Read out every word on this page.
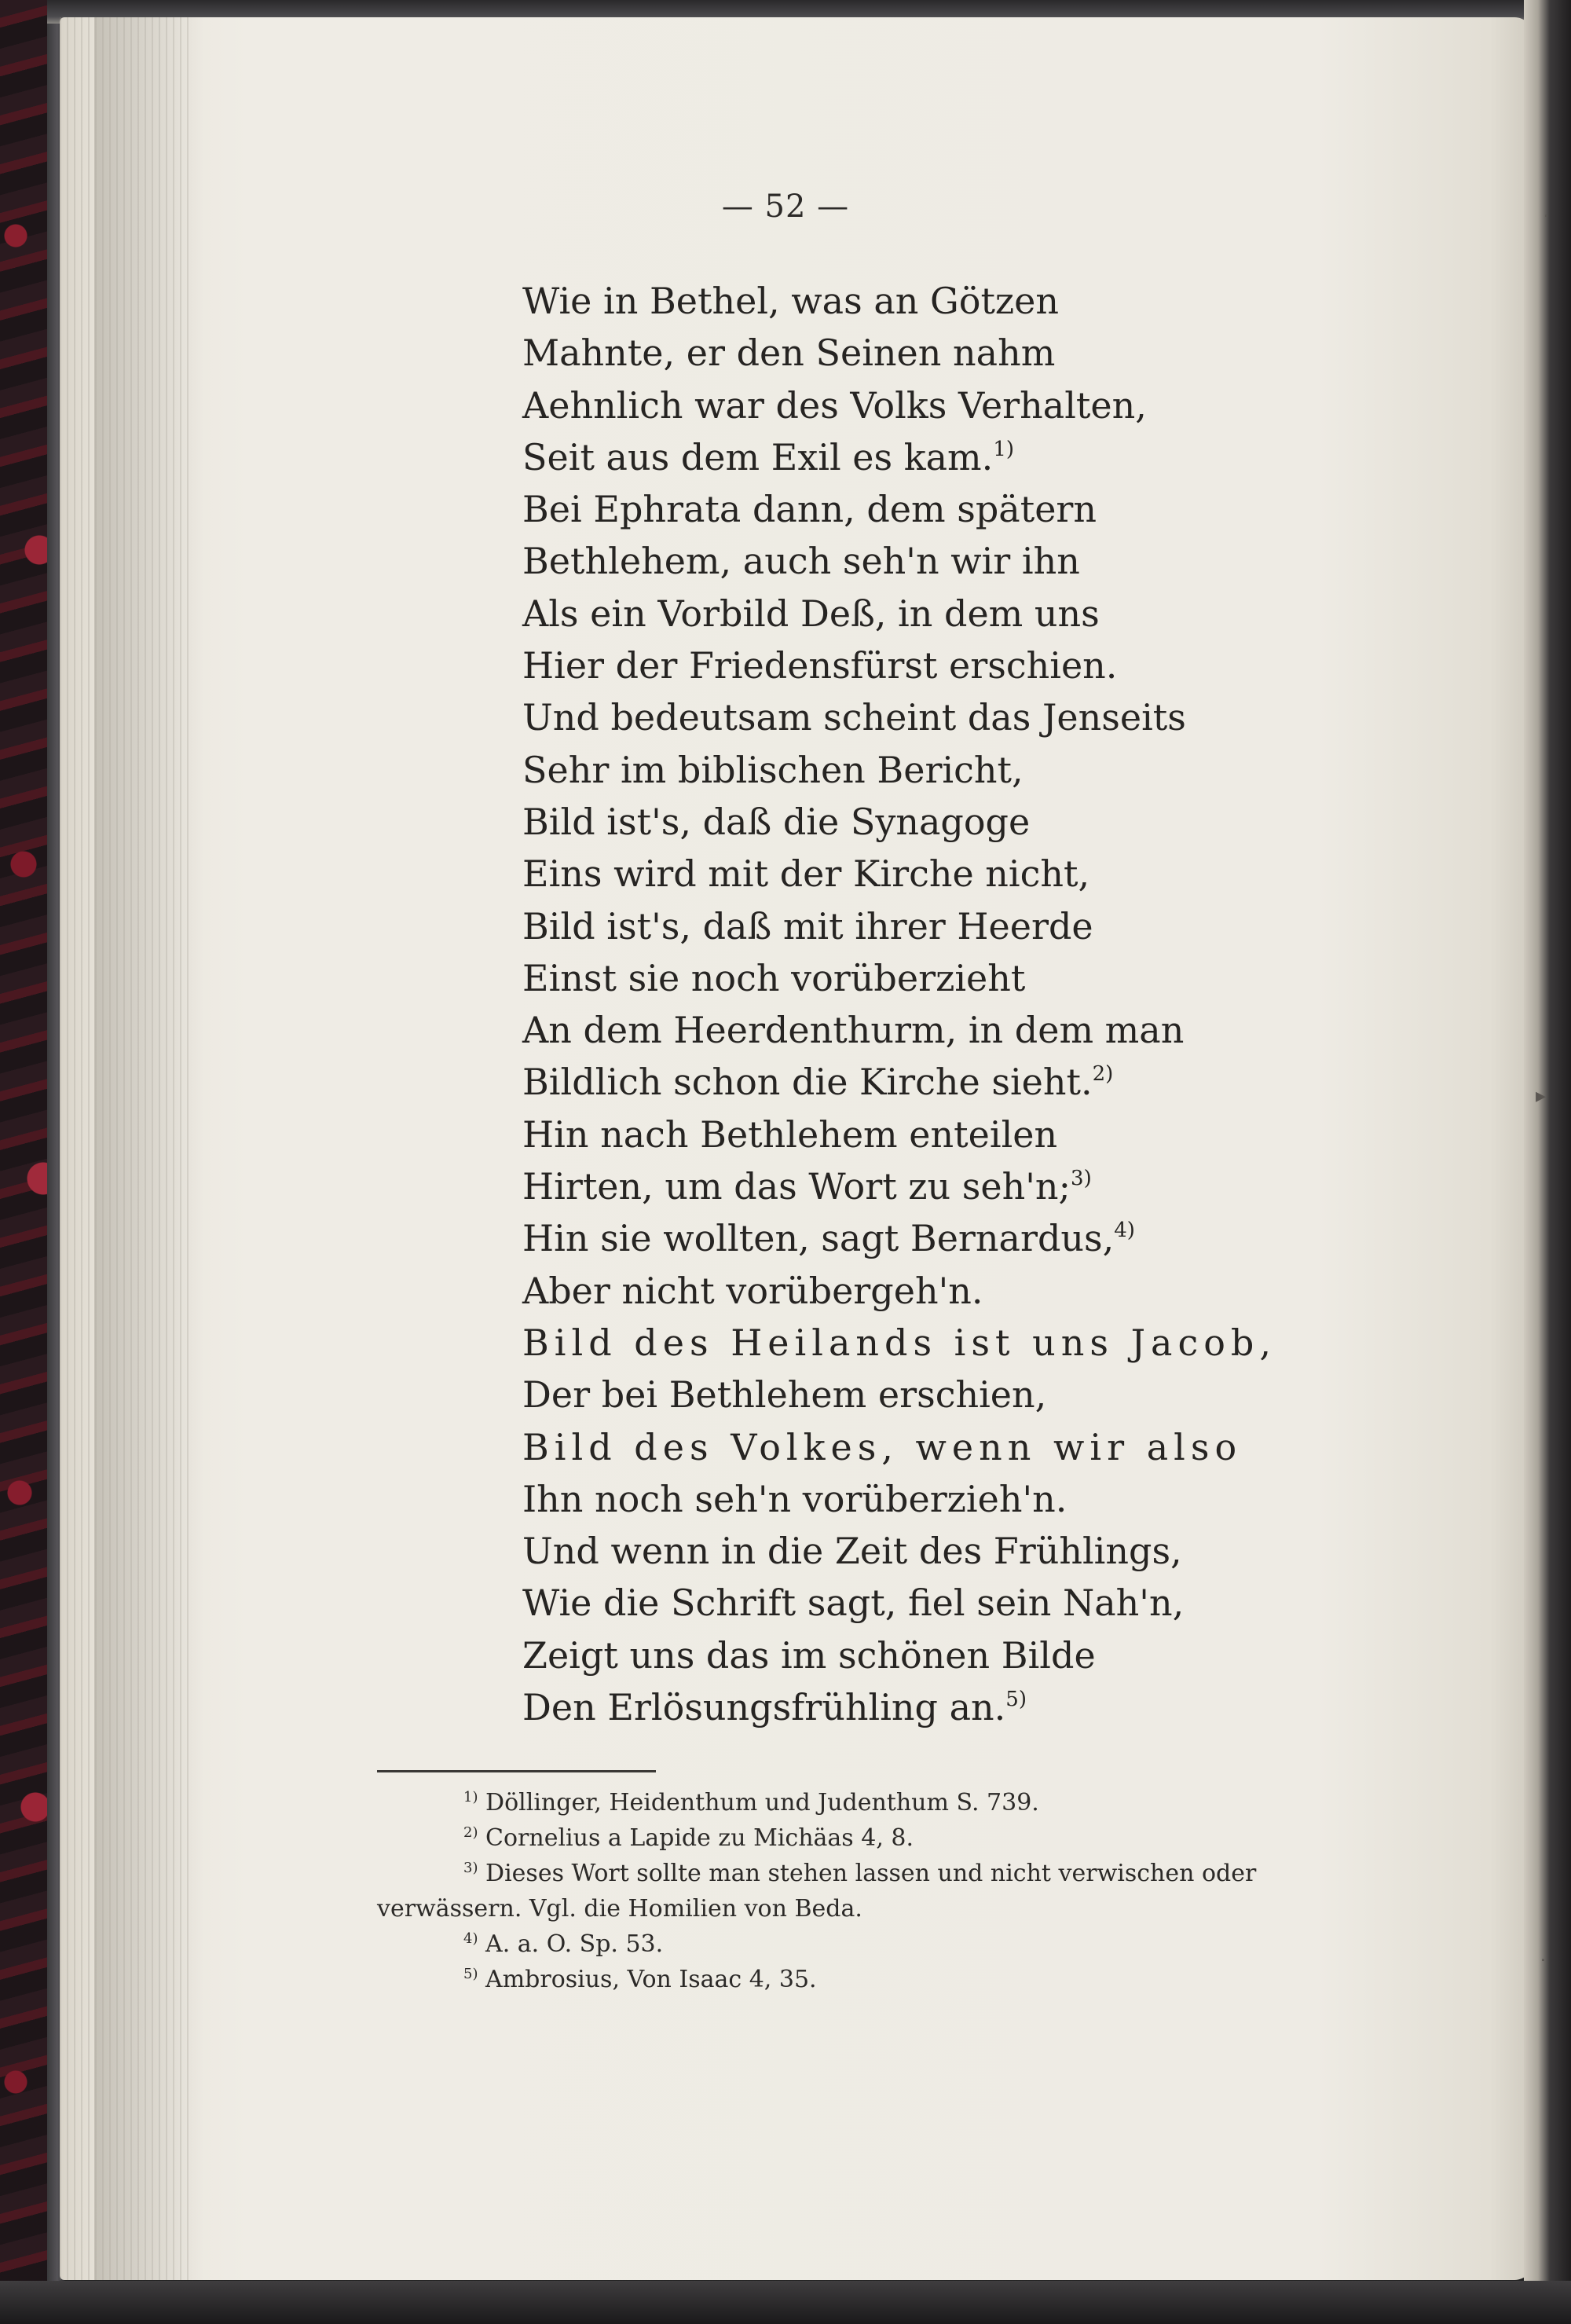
˙
▸
˙
— 52 —
Wie in Bethel, was an Götzen
Mahnte, er den Seinen nahm
Aehnlich war des Volks Verhalten,
Seit aus dem Exil es kam.$^{1)}$
Bei Ephrata dann, dem spätern
Bethlehem, auch seh'n wir ihn
Als ein Vorbild Deß, in dem uns
Hier der Friedensfürst erschien.
Und bedeutsam scheint das Jenseits
Sehr im biblischen Bericht,
Bild ist's, daß die Synagoge
Eins wird mit der Kirche nicht,
Bild ist's, daß mit ihrer Heerde
Einst sie noch vorüberzieht
An dem Heerdenthurm, in dem man
Bildlich schon die Kirche sieht.$^{2)}$
Hin nach Bethlehem enteilen
Hirten, um das Wort zu seh'n;$^{3)}$
Hin sie wollten, sagt Bernardus,$^{4)}$
Aber nicht vorübergeh'n.
Bild des Heilands ist uns Jacob,
Der bei Bethlehem erschien,
Bild des Volkes, wenn wir also
Ihn noch seh'n vorüberzieh'n.
Und wenn in die Zeit des Frühlings,
Wie die Schrift sagt, fiel sein Nah'n,
Zeigt uns das im schönen Bilde
Den Erlösungsfrühling an.$^{5)}$
$^{1)}$ Döllinger, Heidenthum und Judenthum S. 739.
$^{2)}$ Cornelius a Lapide zu Michäas 4, 8.
$^{3)}$ Dieses Wort sollte man stehen lassen und nicht verwischen oder
verwässern. Vgl. die Homilien von Beda.
$^{4)}$ A. a. O. Sp. 53.
$^{5)}$ Ambrosius, Von Isaac 4, 35.
